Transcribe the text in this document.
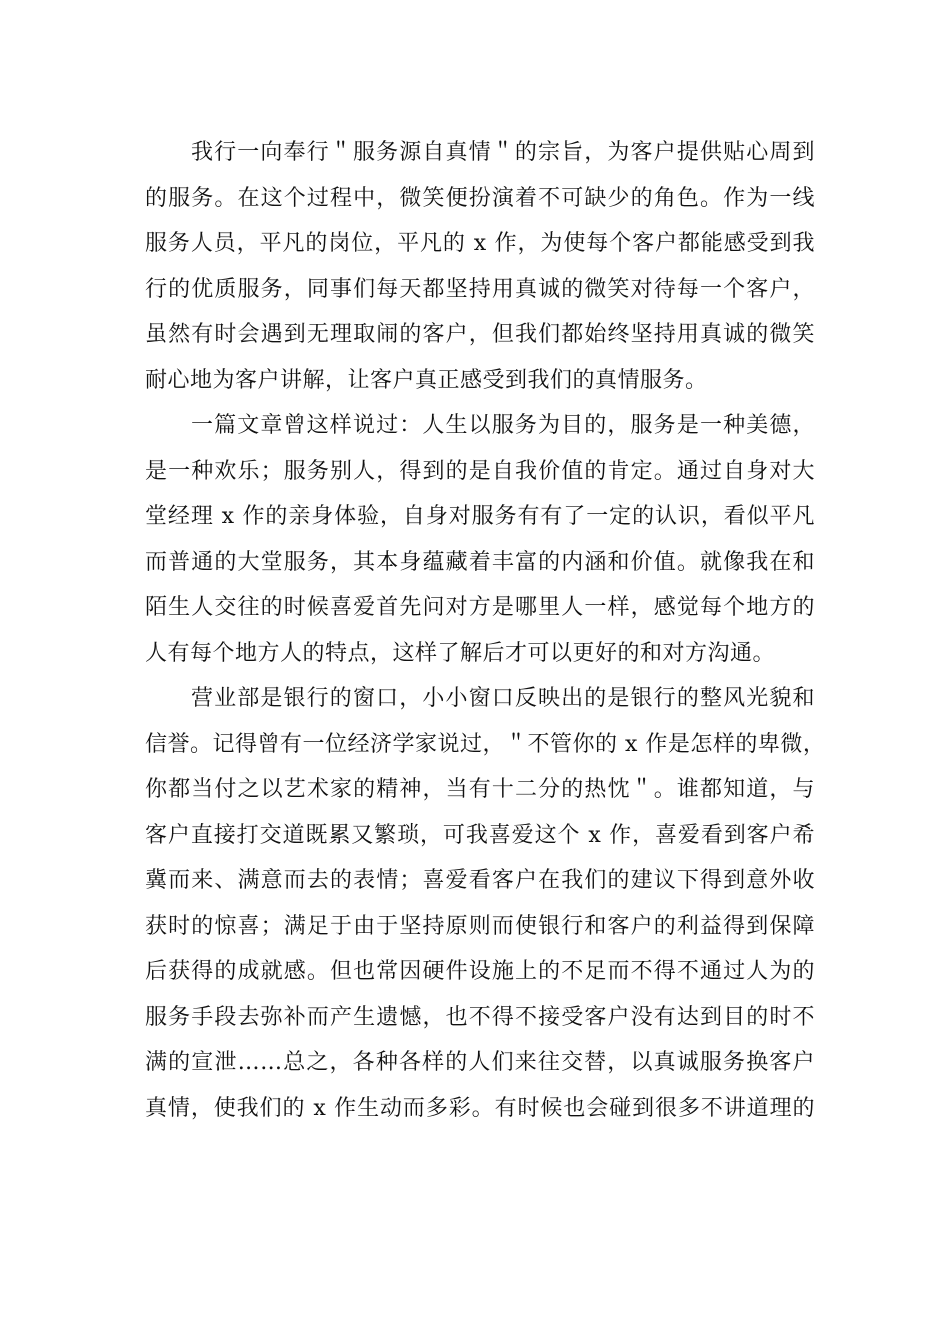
我行一向奉行＂服务源自真情＂的宗旨，为客户提供贴心周到
的服务。在这个过程中，微笑便扮演着不可缺少的角色。作为一线
服务人员，平凡的岗位，平凡的 x 作，为使每个客户都能感受到我
行的优质服务，同事们每天都坚持用真诚的微笑对待每一个客户，
虽然有时会遇到无理取闹的客户，但我们都始终坚持用真诚的微笑
耐心地为客户讲解，让客户真正感受到我们的真情服务。
一篇文章曾这样说过：人生以服务为目的，服务是一种美德，
是一种欢乐；服务别人，得到的是自我价值的肯定。通过自身对大
堂经理 x 作的亲身体验，自身对服务有有了一定的认识，看似平凡
而普通的大堂服务，其本身蕴藏着丰富的内涵和价值。就像我在和
陌生人交往的时候喜爱首先问对方是哪里人一样，感觉每个地方的
人有每个地方人的特点，这样了解后才可以更好的和对方沟通。
营业部是银行的窗口，小小窗口反映出的是银行的整风光貌和
信誉。记得曾有一位经济学家说过，＂不管你的 x 作是怎样的卑微，
你都当付之以艺术家的精神，当有十二分的热忱＂。谁都知道，与
客户直接打交道既累又繁琐，可我喜爱这个 x 作，喜爱看到客户希
冀而来、满意而去的表情；喜爱看客户在我们的建议下得到意外收
获时的惊喜；满足于由于坚持原则而使银行和客户的利益得到保障
后获得的成就感。但也常因硬件设施上的不足而不得不通过人为的
服务手段去弥补而产生遗憾，也不得不接受客户没有达到目的时不
满的宣泄……总之，各种各样的人们来往交替，以真诚服务换客户
真情，使我们的 x 作生动而多彩。有时候也会碰到很多不讲道理的
